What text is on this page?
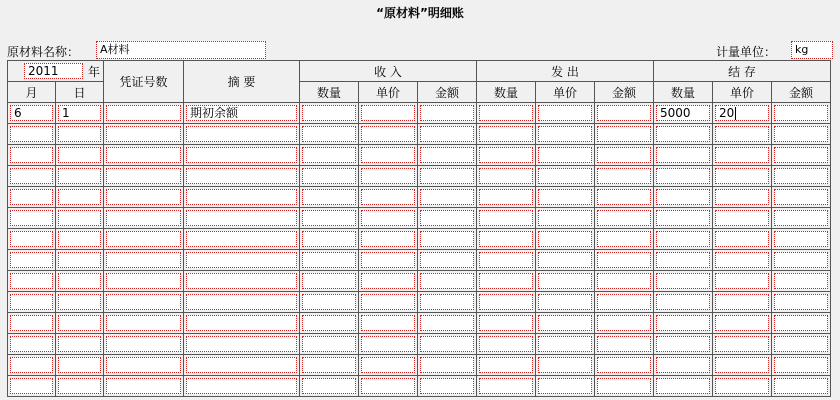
“原材料”明细账
原材料名称：	A材料	计量单位：	kg
2011 年		凭证号数	摘 要	收 入			发 出			结 存		
月	日			数量	单价	金额	数量	单价	金额	数量	单价	金额

6	1		期初余额							5000	20	
